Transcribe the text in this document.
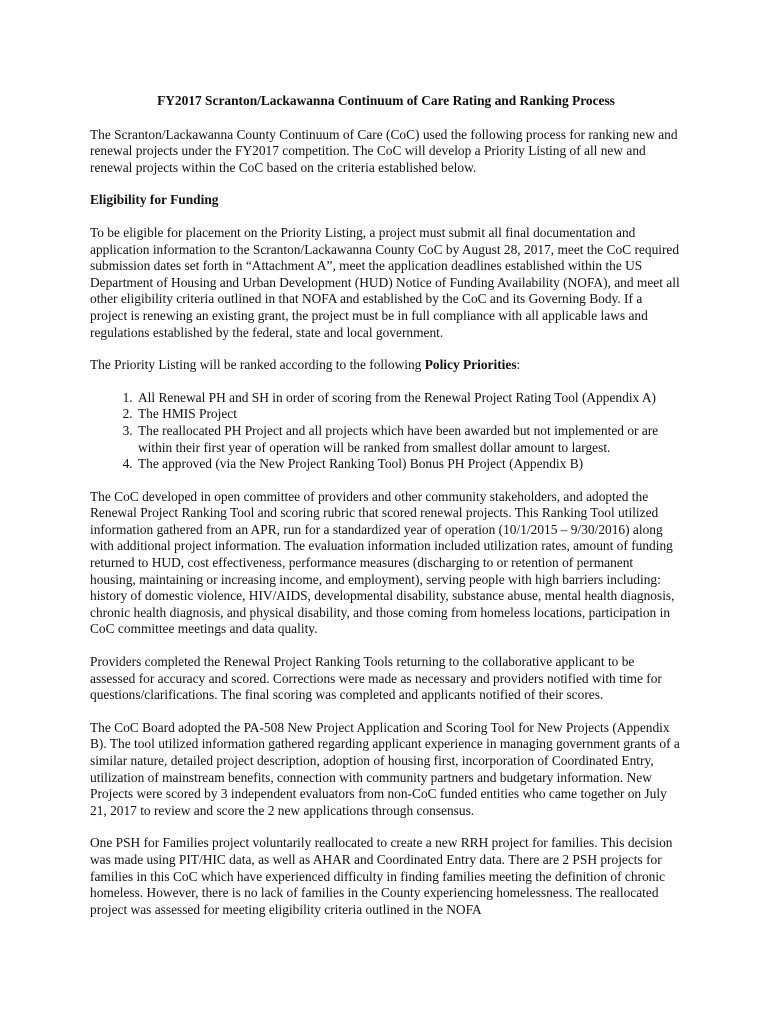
FY2017 Scranton/Lackawanna Continuum of Care Rating and Ranking Process

The Scranton/Lackawanna County Continuum of Care (CoC) used the following process for ranking new and renewal projects under the FY2017 competition. The CoC will develop a Priority Listing of all new and renewal projects within the CoC based on the criteria established below.

Eligibility for Funding

To be eligible for placement on the Priority Listing, a project must submit all final documentation and application information to the Scranton/Lackawanna County CoC by August 28, 2017, meet the CoC required submission dates set forth in “Attachment A”, meet the application deadlines established within the US Department of Housing and Urban Development (HUD) Notice of Funding Availability (NOFA), and meet all other eligibility criteria outlined in that NOFA and established by the CoC and its Governing Body. If a project is renewing an existing grant, the project must be in full compliance with all applicable laws and regulations established by the federal, state and local government.

The Priority Listing will be ranked according to the following Policy Priorities:

1. All Renewal PH and SH in order of scoring from the Renewal Project Rating Tool (Appendix A)
2. The HMIS Project
3. The reallocated PH Project and all projects which have been awarded but not implemented or are within their first year of operation will be ranked from smallest dollar amount to largest.
4. The approved (via the New Project Ranking Tool) Bonus PH Project (Appendix B)

The CoC developed in open committee of providers and other community stakeholders, and adopted the Renewal Project Ranking Tool and scoring rubric that scored renewal projects. This Ranking Tool utilized information gathered from an APR, run for a standardized year of operation (10/1/2015 – 9/30/2016) along with additional project information. The evaluation information included utilization rates, amount of funding returned to HUD, cost effectiveness, performance measures (discharging to or retention of permanent housing, maintaining or increasing income, and employment), serving people with high barriers including: history of domestic violence, HIV/AIDS, developmental disability, substance abuse, mental health diagnosis, chronic health diagnosis, and physical disability, and those coming from homeless locations, participation in CoC committee meetings and data quality.

Providers completed the Renewal Project Ranking Tools returning to the collaborative applicant to be assessed for accuracy and scored. Corrections were made as necessary and providers notified with time for questions/clarifications. The final scoring was completed and applicants notified of their scores.

The CoC Board adopted the PA-508 New Project Application and Scoring Tool for New Projects (Appendix B). The tool utilized information gathered regarding applicant experience in managing government grants of a similar nature, detailed project description, adoption of housing first, incorporation of Coordinated Entry, utilization of mainstream benefits, connection with community partners and budgetary information. New Projects were scored by 3 independent evaluators from non-CoC funded entities who came together on July 21, 2017 to review and score the 2 new applications through consensus.

One PSH for Families project voluntarily reallocated to create a new RRH project for families. This decision was made using PIT/HIC data, as well as AHAR and Coordinated Entry data. There are 2 PSH projects for families in this CoC which have experienced difficulty in finding families meeting the definition of chronic homeless. However, there is no lack of families in the County experiencing homelessness. The reallocated project was assessed for meeting eligibility criteria outlined in the NOFA
